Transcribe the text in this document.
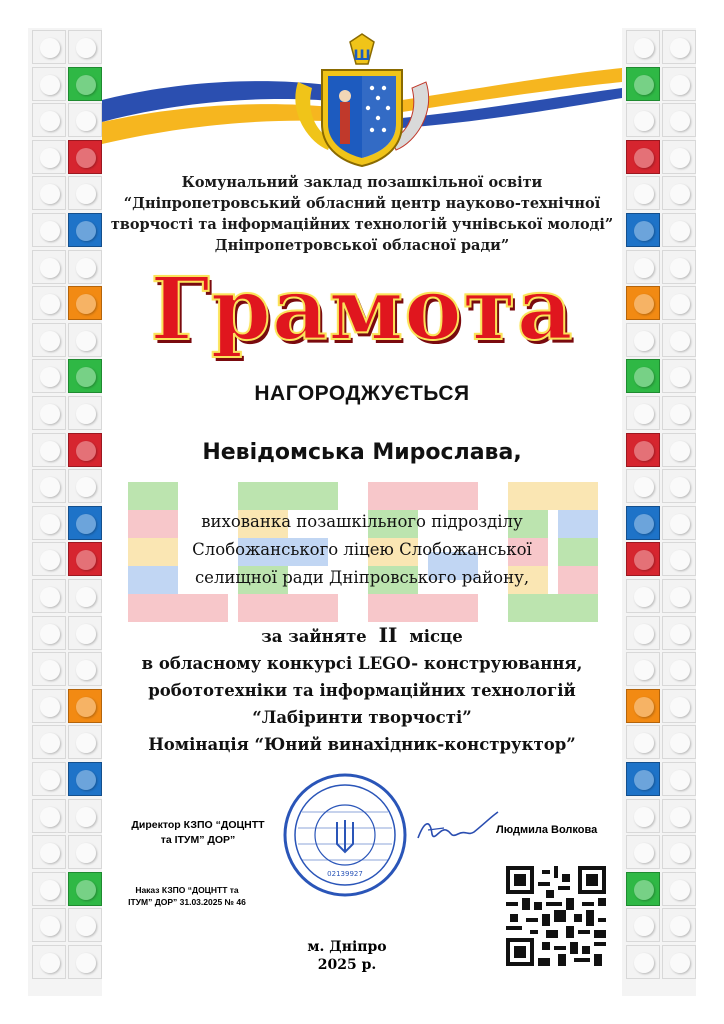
Ш
Комунальний заклад позашкільної освіти
“Дніпропетровський обласний центр науково-технічної
творчості та інформаційних технологій учнівської молоді”
Дніпропетровської обласної ради”
Грамота
НАГОРОДЖУЄТЬСЯ
Невідомська Мирослава,
вихованка позашкільного підрозділу
Слобожанського ліцею Слобожанської
селищної ради Дніпровського району,
за зайняте II місце
в обласному конкурсі LEGO- конструювання,
робототехніки та інформаційних технологій
“Лабіринти творчості”
Номінація “Юний винахідник-конструктор”
Директор КЗПО “ДОЦНТТ
та ІТУМ” ДОР”
Наказ КЗПО “ДОЦНТТ та
ІТУМ” ДОР” 31.03.2025 № 46
02139927
Людмила Волкова
м. Дніпро
2025 р.
